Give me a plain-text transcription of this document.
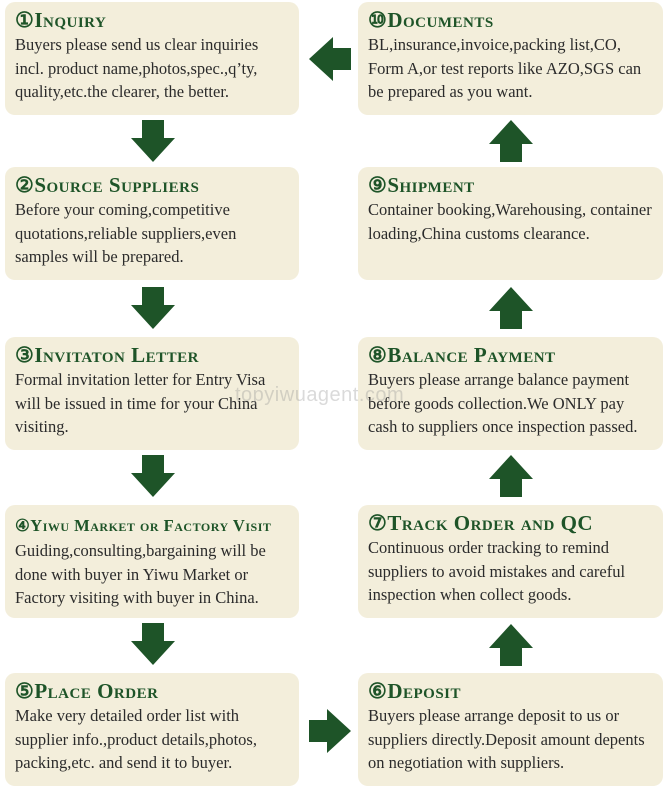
①Inquiry
Buyers please send us clear inquiries incl. product name,photos,spec.,q’ty, quality,etc.the clearer, the better.
②Source Suppliers
Before your coming,competitive quotations,reliable suppliers,even samples will be prepared.
③Invitaton Letter
Formal invitation letter for Entry Visa will be issued in time for your China visiting.
④Yiwu Market or Factory Visit
Guiding,consulting,bargaining will be done with buyer in Yiwu Market or Factory visiting with buyer in China.
⑤Place Order
Make very detailed order list with supplier info.,product details,photos, packing,etc. and send it to buyer.
⑥Deposit
Buyers please arrange deposit to us or suppliers directly.Deposit amount depents on negotiation with suppliers.
⑦Track Order and QC
Continuous order tracking to remind suppliers to avoid mistakes and careful inspection when collect goods.
⑧Balance Payment
Buyers please arrange balance payment before goods collection.We ONLY pay cash to suppliers once inspection passed.
⑨Shipment
Container booking,Warehousing, container loading,China customs clearance.
⑩Documents
BL,insurance,invoice,packing list,CO, Form A,or test reports like AZO,SGS can be prepared as you want.
topyiwuagent.com
